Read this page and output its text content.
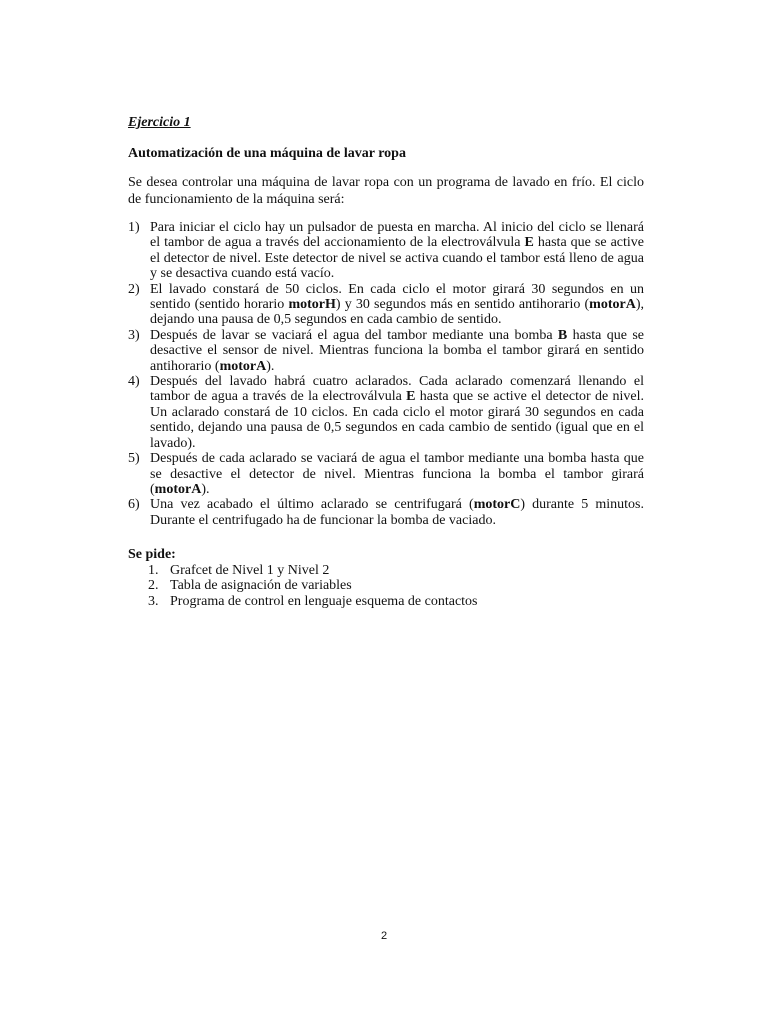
Ejercicio 1

Automatización de una máquina de lavar ropa

Se desea controlar una máquina de lavar ropa con un programa de lavado en frío. El ciclo de funcionamiento de la máquina será:

1) Para iniciar el ciclo hay un pulsador de puesta en marcha. Al inicio del ciclo se llenará el tambor de agua a través del accionamiento de la electroválvula E hasta que se active el detector de nivel. Este detector de nivel se activa cuando el tambor está lleno de agua y se desactiva cuando está vacío.
2) El lavado constará de 50 ciclos. En cada ciclo el motor girará 30 segundos en un sentido (sentido horario motorH) y 30 segundos más en sentido antihorario (motorA), dejando una pausa de 0,5 segundos en cada cambio de sentido.
3) Después de lavar se vaciará el agua del tambor mediante una bomba B hasta que se desactive el sensor de nivel. Mientras funciona la bomba el tambor girará en sentido antihorario (motorA).
4) Después del lavado habrá cuatro aclarados. Cada aclarado comenzará llenando el tambor de agua a través de la electroválvula E hasta que se active el detector de nivel. Un aclarado constará de 10 ciclos. En cada ciclo el motor girará 30 segundos en cada sentido, dejando una pausa de 0,5 segundos en cada cambio de sentido (igual que en el lavado).
5) Después de cada aclarado se vaciará de agua el tambor mediante una bomba hasta que se desactive el detector de nivel. Mientras funciona la bomba el tambor girará (motorA).
6) Una vez acabado el último aclarado se centrifugará (motorC) durante 5 minutos. Durante el centrifugado ha de funcionar la bomba de vaciado.

Se pide:

1. Grafcet de Nivel 1 y Nivel 2
2. Tabla de asignación de variables
3. Programa de control en lenguaje esquema de contactos
2
